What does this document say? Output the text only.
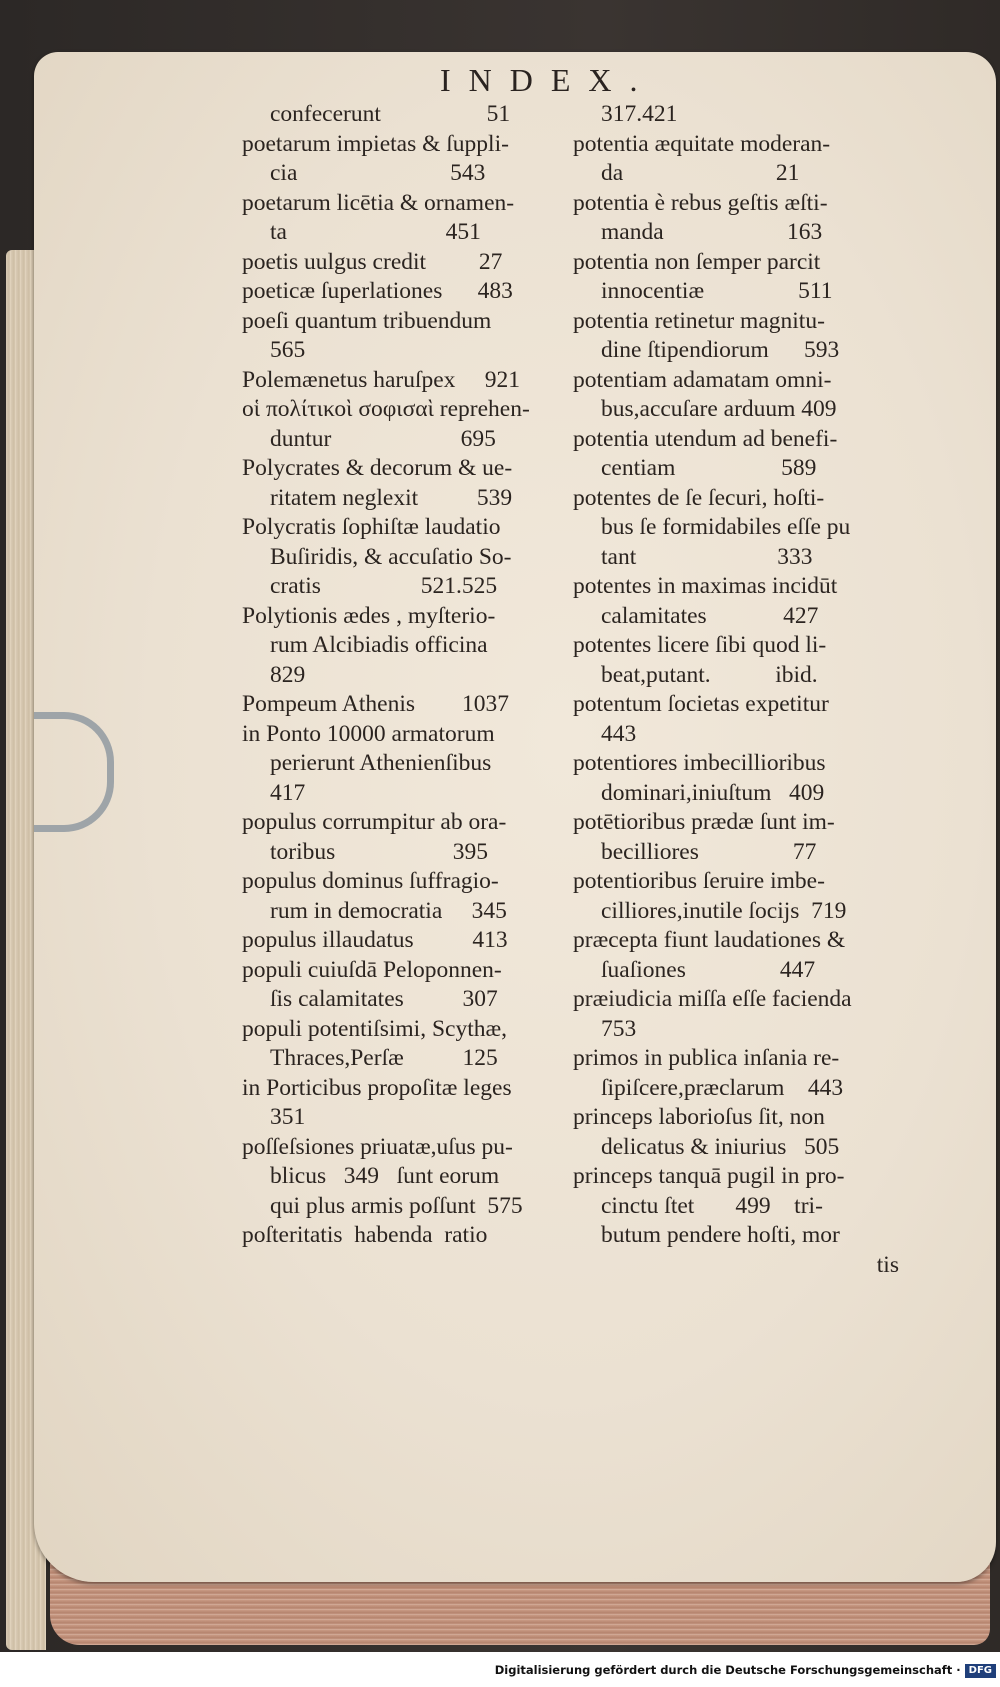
INDEX.
confecerunt                  51
poetarum impietas & ſuppli-
cia                          543
poetarum licētia & ornamen-
ta                           451
poetis uulgus credit         27
poeticæ ſuperlationes      483
poeſi quantum tribuendum
565
Polemænetus haruſpex     921
οἱ πολίτικοὶ σοφισαὶ reprehen-
duntur                      695
Polycrates & decorum & ue-
ritatem neglexit          539
Polycratis ſophiſtæ laudatio
Buſiridis, & accuſatio So-
cratis                 521.525
Polytionis ædes , myſterio-
rum Alcibiadis officina
829
Pompeum Athenis        1037
in Ponto 10000 armatorum
perierunt Athenienſibus
417
populus corrumpitur ab ora-
toribus                    395
populus dominus ſuffragio-
rum in democratia     345
populus illaudatus          413
populi cuiuſdā Peloponnen-
ſis calamitates          307
populi potentiſsimi, Scythæ,
Thraces,Perſæ          125
in Porticibus propoſitæ leges
351
poſſeſsiones priuatæ,uſus pu-
blicus   349   ſunt eorum
qui plus armis poſſunt  575
poſteritatis  habenda  ratio
317.421
potentia æquitate moderan-
da                          21
potentia è rebus geſtis æſti-
manda                     163
potentia non ſemper parcit
innocentiæ                511
potentia retinetur magnitu-
dine ſtipendiorum      593
potentiam adamatam omni-
bus,accuſare arduum 409
potentia utendum ad benefi-
centiam                  589
potentes de ſe ſecuri, hoſti-
bus ſe formidabiles eſſe pu
tant                        333
potentes in maximas incidūt
calamitates             427
potentes licere ſibi quod li-
beat,putant.           ibid.
potentum ſocietas expetitur
443
potentiores imbecillioribus
dominari,iniuſtum   409
potētioribus prædæ ſunt im-
becilliores                77
potentioribus ſeruire imbe-
cilliores,inutile ſocijs  719
præcepta fiunt laudationes &
ſuaſiones                447
præiudicia miſſa eſſe facienda
753
primos in publica inſania re-
ſipiſcere,præclarum    443
princeps laborioſus ſit, non
delicatus & iniurius   505
princeps tanquā pugil in pro-
cinctu ſtet       499    tri-
butum pendere hoſti, mor
tis
Digitalisierung gefördert durch die Deutsche Forschungsgemeinschaft · DFG
